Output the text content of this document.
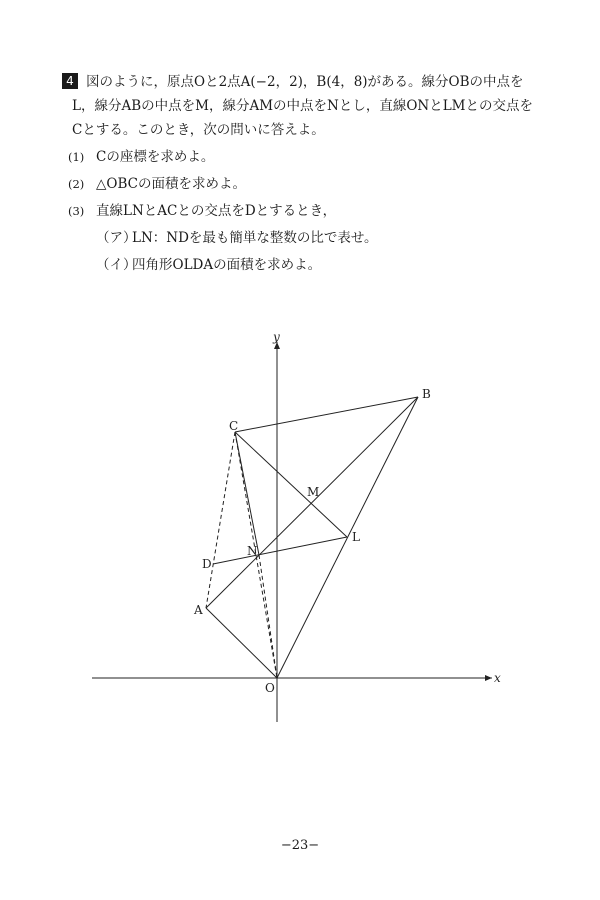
4 図のように，原点Oと2点A(−2，2)，B(4，8)がある。線分OBの中点を
L，線分ABの中点をM，線分AMの中点をNとし，直線ONとLMとの交点を
Cとする。このとき，次の問いに答えよ。

(1) Cの座標を求めよ。

(2) △OBCの面積を求めよ。

(3) 直線LNとACとの交点をDとするとき，

（ア）LN：NDを最も簡単な整数の比で表せ。

（イ）四角形OLDAの面積を求めよ。

x
y
O
A
B
C
D
L
M
N
−23−
